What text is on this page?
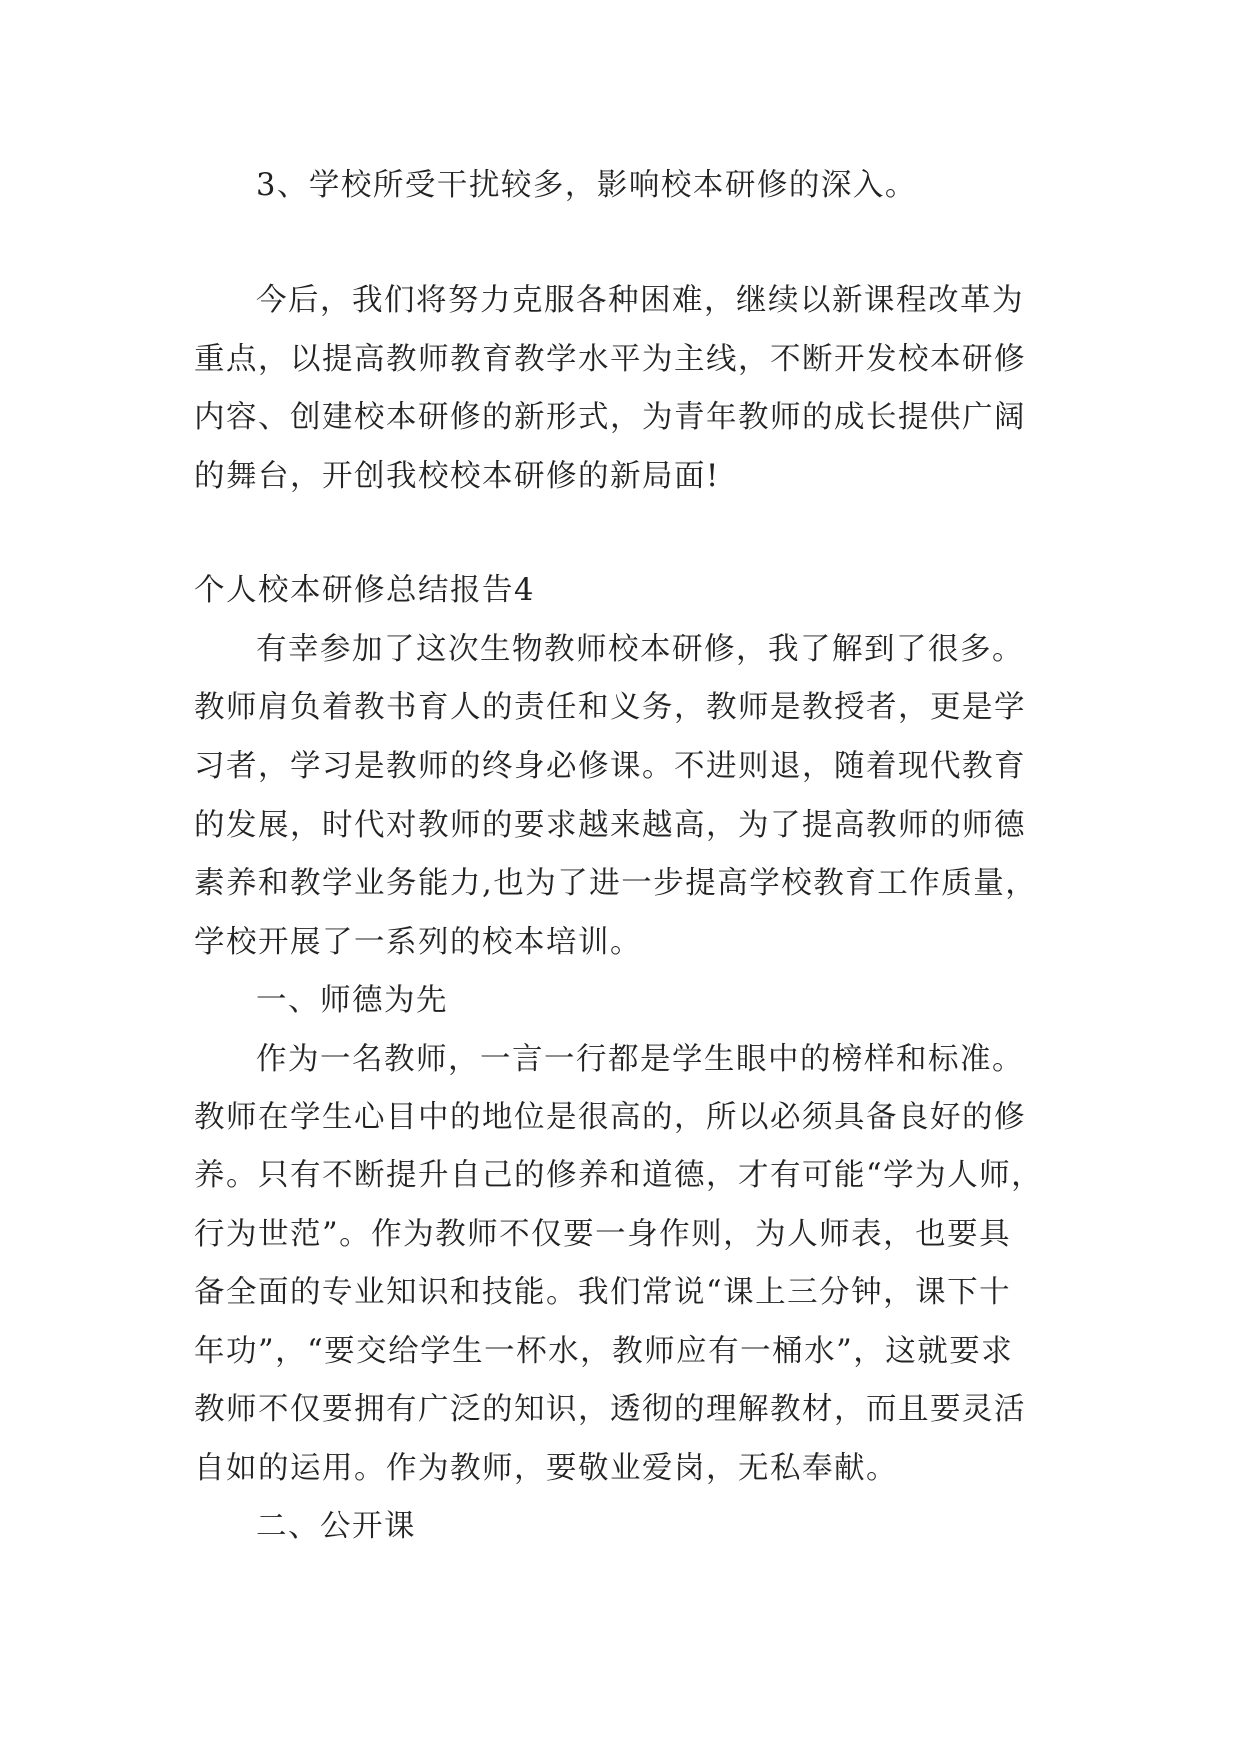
3、学校所受干扰较多，影响校本研修的深入。
今后，我们将努力克服各种困难，继续以新课程改革为
重点，以提高教师教育教学水平为主线，不断开发校本研修
内容、创建校本研修的新形式，为青年教师的成长提供广阔
的舞台，开创我校校本研修的新局面!
个人校本研修总结报告4
有幸参加了这次生物教师校本研修，我了解到了很多。
教师肩负着教书育人的责任和义务，教师是教授者，更是学
习者，学习是教师的终身必修课。不进则退，随着现代教育
的发展，时代对教师的要求越来越高，为了提高教师的师德
素养和教学业务能力,也为了进一步提高学校教育工作质量，
学校开展了一系列的校本培训。
一、师德为先
作为一名教师，一言一行都是学生眼中的榜样和标准。
教师在学生心目中的地位是很高的，所以必须具备良好的修
养。只有不断提升自己的修养和道德，才有可能“学为人师，
行为世范”。作为教师不仅要一身作则，为人师表，也要具
备全面的专业知识和技能。我们常说“课上三分钟，课下十
年功”，“要交给学生一杯水，教师应有一桶水”，这就要求
教师不仅要拥有广泛的知识，透彻的理解教材，而且要灵活
自如的运用。作为教师，要敬业爱岗，无私奉献。
二、公开课
